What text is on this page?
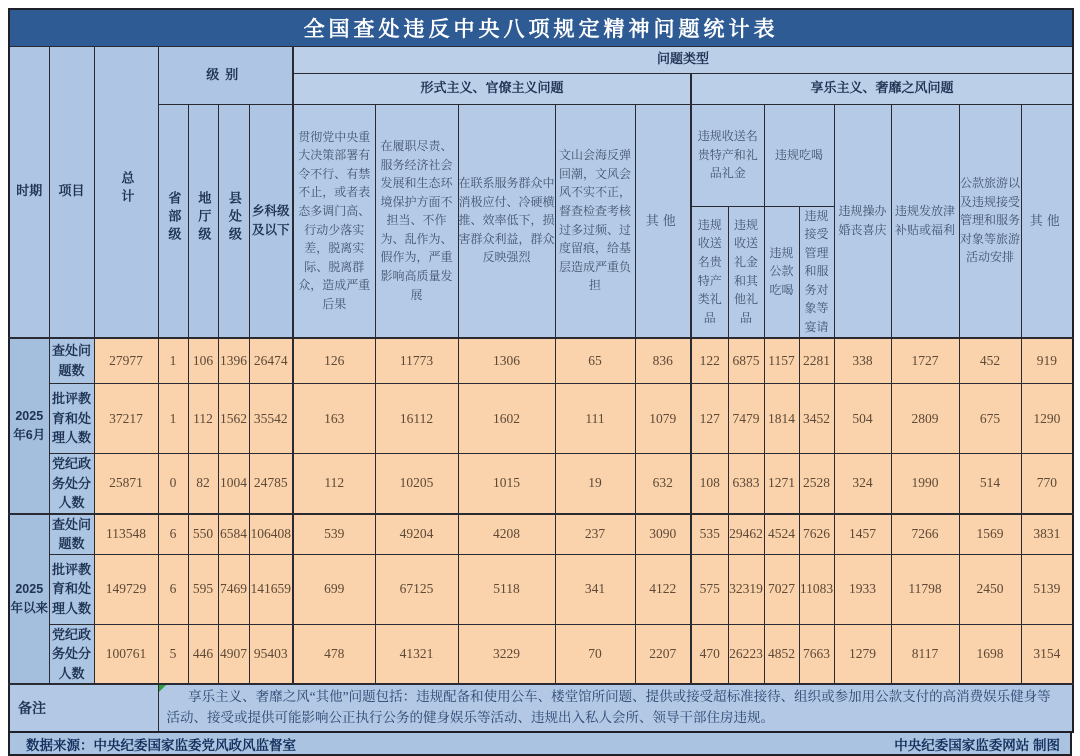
全国查处违反中央八项规定精神问题统计表																			
时期	项目	总计	级别				问题类型												
							形式主义、官僚主义问题					享乐主义、奢靡之风问题							
			省部级	地厅级	县处级	乡科级及以下	贯彻党中央重大决策部署有令不行、有禁不止，或者表态多调门高、行动少落实差，脱离实际、脱离群众，造成严重后果	在履职尽责、服务经济社会发展和生态环境保护方面不担当、不作为、乱作为、假作为，严重影响高质量发展	在联系服务群众中消极应付、冷硬横推、效率低下，损害群众利益，群众反映强烈	文山会海反弹回潮，文风会风不实不正，督查检查考核过多过频、过度留痕，给基层造成严重负担	其他	违规收送名贵特产和礼品礼金		违规吃喝		违规操办婚丧喜庆	违规发放津补贴或福利	公款旅游以及违规接受管理和服务对象等旅游活动安排	其他
												违规收送名贵特产类礼品	违规收送礼金和其他礼品	违规公款吃喝	违规接受管理和服务对象等宴请				
2025年6月	查处问题数	27977	1	106	1396	26474	126	11773	1306	65	836	122	6875	1157	2281	338	1727	452	919
	批评教育和处理人数	37217	1	112	1562	35542	163	16112	1602	111	1079	127	7479	1814	3452	504	2809	675	1290
	党纪政务处分人数	25871	0	82	1004	24785	112	10205	1015	19	632	108	6383	1271	2528	324	1990	514	770
2025年以来	查处问题数	113548	6	550	6584	106408	539	49204	4208	237	3090	535	29462	4524	7626	1457	7266	1569	3831
	批评教育和处理人数	149729	6	595	7469	141659	699	67125	5118	341	4122	575	32319	7027	11083	1933	11798	2450	5139
	党纪政务处分人数	100761	5	446	4907	95403	478	41321	3229	70	2207	470	26223	4852	7663	1279	8117	1698	3154
备注			享乐主义、奢靡之风“其他”问题包括：违规配备和使用公车、楼堂馆所问题、提供或接受超标准接待、组织或参加用公款支付的高消费娱乐健身等活动、接受或提供可能影响公正执行公务的健身娱乐等活动、违规出入私人会所、领导干部住房违规。																
数据来源：中央纪委国家监委党风政风监督室	中央纪委国家监委网站 制图
